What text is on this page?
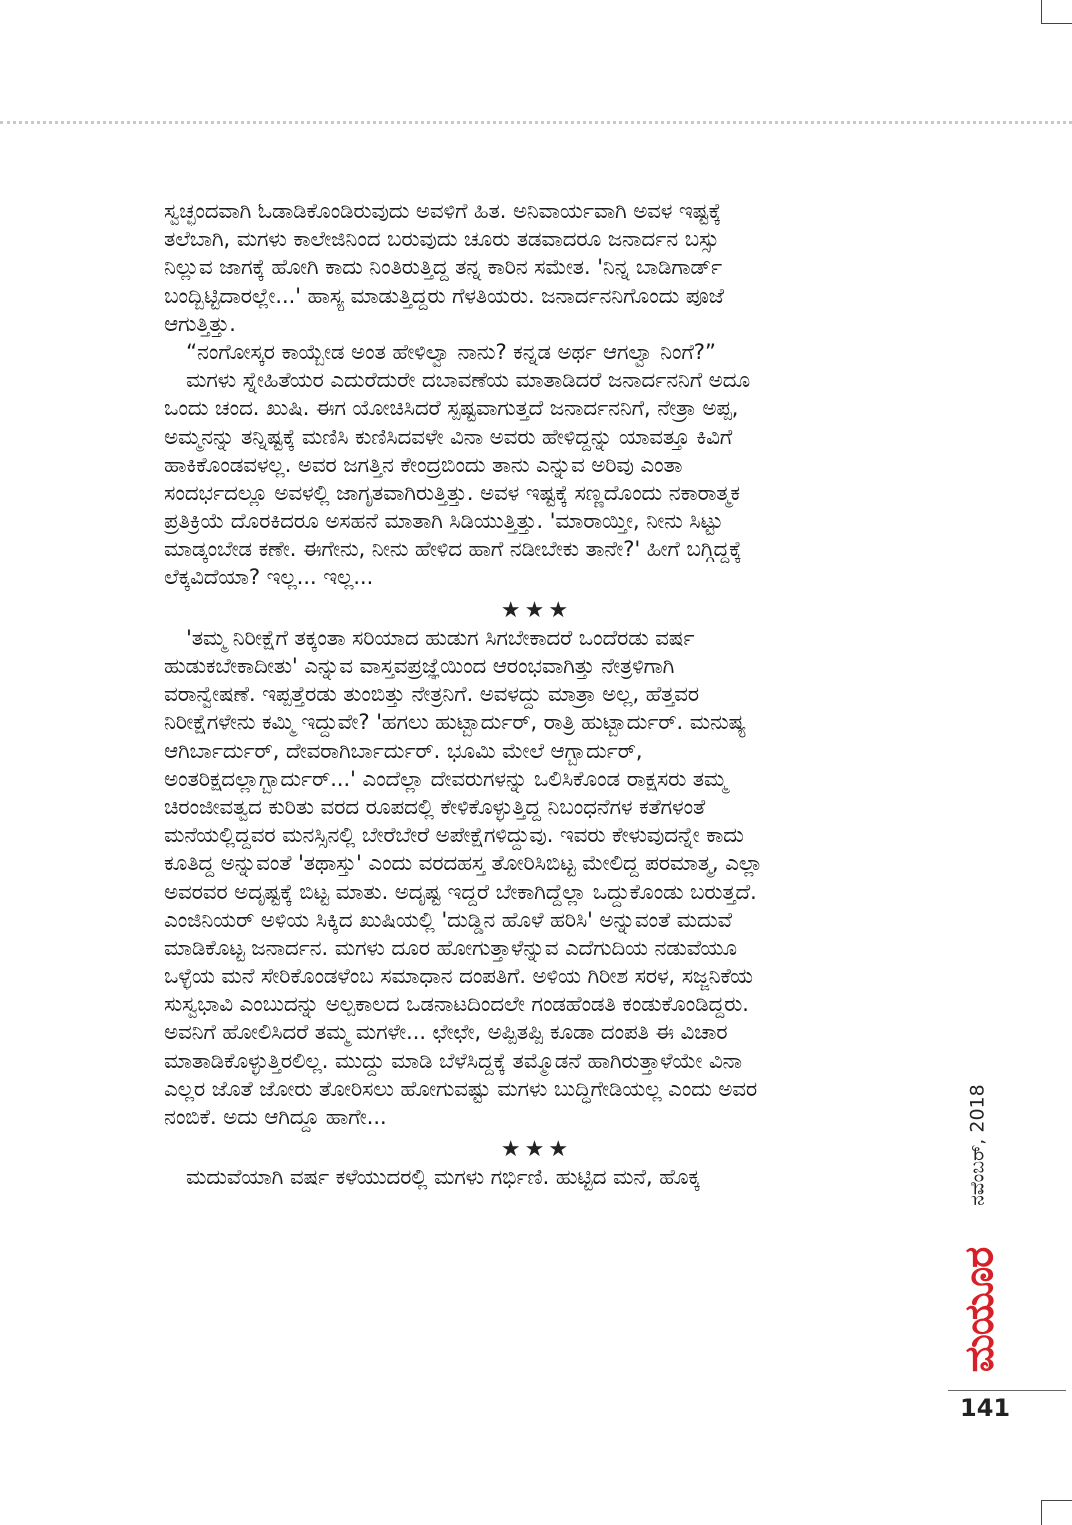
ಸ್ವಚ್ಛಂದವಾಗಿ ಓಡಾಡಿಕೊಂಡಿರುವುದು ಅವಳಿಗೆ ಹಿತ. ಅನಿವಾರ್ಯವಾಗಿ ಅವಳ ಇಷ್ಟಕ್ಕೆ
ತಲೆಬಾಗಿ, ಮಗಳು ಕಾಲೇಜಿನಿಂದ ಬರುವುದು ಚೂರು ತಡವಾದರೂ ಜನಾರ್ದನ ಬಸ್ಸು
ನಿಲ್ಲುವ ಜಾಗಕ್ಕೆ ಹೋಗಿ ಕಾದು ನಿಂತಿರುತ್ತಿದ್ದ ತನ್ನ ಕಾರಿನ ಸಮೇತ. 'ನಿನ್ನ ಬಾಡಿಗಾರ್ಡ್
ಬಂದ್ಬಿಟ್ಟಿದಾರಲ್ಲೇ...' ಹಾಸ್ಯ ಮಾಡುತ್ತಿದ್ದರು ಗೆಳತಿಯರು. ಜನಾರ್ದನನಿಗೊಂದು ಪೂಜೆ
ಆಗುತ್ತಿತ್ತು.
“ನಂಗೋಸ್ಕರ ಕಾಯ್ಬೇಡ ಅಂತ ಹೇಳಿಲ್ವಾ ನಾನು? ಕನ್ನಡ ಅರ್ಥ ಆಗಲ್ವಾ ನಿಂಗೆ?”
ಮಗಳು ಸ್ನೇಹಿತೆಯರ ಎದುರೆದುರೇ ದಬಾವಣೆಯ ಮಾತಾಡಿದರೆ ಜನಾರ್ದನನಿಗೆ ಅದೂ
ಒಂದು ಚಂದ. ಖುಷಿ. ಈಗ ಯೋಚಿಸಿದರೆ ಸ್ಪಷ್ಟವಾಗುತ್ತದೆ ಜನಾರ್ದನನಿಗೆ, ನೇತ್ರಾ ಅಪ್ಪ,
ಅಮ್ಮನನ್ನು ತನ್ನಿಷ್ಟಕ್ಕೆ ಮಣಿಸಿ ಕುಣಿಸಿದವಳೇ ವಿನಾ ಅವರು ಹೇಳಿದ್ದನ್ನು ಯಾವತ್ತೂ ಕಿವಿಗೆ
ಹಾಕಿಕೊಂಡವಳಲ್ಲ. ಅವರ ಜಗತ್ತಿನ ಕೇಂದ್ರಬಿಂದು ತಾನು ಎನ್ನುವ ಅರಿವು ಎಂತಾ
ಸಂದರ್ಭದಲ್ಲೂ ಅವಳಲ್ಲಿ ಜಾಗೃತವಾಗಿರುತ್ತಿತ್ತು. ಅವಳ ಇಷ್ಟಕ್ಕೆ ಸಣ್ಣದೊಂದು ನಕಾರಾತ್ಮಕ
ಪ್ರತಿಕ್ರಿಯೆ ದೊರಕಿದರೂ ಅಸಹನೆ ಮಾತಾಗಿ ಸಿಡಿಯುತ್ತಿತ್ತು. 'ಮಾರಾಯ್ತೀ, ನೀನು ಸಿಟ್ಟು
ಮಾಡ್ಕಂಬೇಡ ಕಣೇ. ಈಗೇನು, ನೀನು ಹೇಳಿದ ಹಾಗೆ ನಡೀಬೇಕು ತಾನೇ?' ಹೀಗೆ ಬಗ್ಗಿದ್ದಕ್ಕೆ
ಲೆಕ್ಕವಿದೆಯಾ? ಇಲ್ಲ... ಇಲ್ಲ...
★★★
'ತಮ್ಮ ನಿರೀಕ್ಷೆಗೆ ತಕ್ಕಂತಾ ಸರಿಯಾದ ಹುಡುಗ ಸಿಗಬೇಕಾದರೆ ಒಂದೆರಡು ವರ್ಷ
ಹುಡುಕಬೇಕಾದೀತು' ಎನ್ನುವ ವಾಸ್ತವಪ್ರಜ್ಞೆಯಿಂದ ಆರಂಭವಾಗಿತ್ತು ನೇತ್ರಳಿಗಾಗಿ
ವರಾನ್ವೇಷಣೆ. ಇಪ್ಪತ್ತೆರಡು ತುಂಬಿತ್ತು ನೇತ್ರನಿಗೆ. ಅವಳದ್ದು ಮಾತ್ರಾ ಅಲ್ಲ, ಹೆತ್ತವರ
ನಿರೀಕ್ಷೆಗಳೇನು ಕಮ್ಮಿ ಇದ್ದುವೇ? 'ಹಗಲು ಹುಟ್ಬಾರ್ದುರ್, ರಾತ್ರಿ ಹುಟ್ಬಾರ್ದುರ್. ಮನುಷ್ಯ
ಆಗಿರ್ಬಾರ್ದುರ್, ದೇವರಾಗಿರ್ಬಾರ್ದುರ್. ಭೂಮಿ ಮೇಲೆ ಆಗ್ಬಾರ್ದುರ್,
ಅಂತರಿಕ್ಷದಲ್ಲಾಗ್ಬಾರ್ದುರ್...' ಎಂದೆಲ್ಲಾ ದೇವರುಗಳನ್ನು ಒಲಿಸಿಕೊಂಡ ರಾಕ್ಷಸರು ತಮ್ಮ
ಚಿರಂಜೀವತ್ವದ ಕುರಿತು ವರದ ರೂಪದಲ್ಲಿ ಕೇಳಿಕೊಳ್ಳುತ್ತಿದ್ದ ನಿಬಂಧನೆಗಳ ಕತೆಗಳಂತೆ
ಮನೆಯಲ್ಲಿದ್ದವರ ಮನಸ್ಸಿನಲ್ಲಿ ಬೇರೆಬೇರೆ ಅಪೇಕ್ಷೆಗಳಿದ್ದುವು. ಇವರು ಕೇಳುವುದನ್ನೇ ಕಾದು
ಕೂತಿದ್ದ ಅನ್ನುವಂತೆ 'ತಥಾಸ್ತು' ಎಂದು ವರದಹಸ್ತ ತೋರಿಸಿಬಿಟ್ಟ ಮೇಲಿದ್ದ ಪರಮಾತ್ಮ, ಎಲ್ಲಾ
ಅವರವರ ಅದೃಷ್ಟಕ್ಕೆ ಬಿಟ್ಟ ಮಾತು. ಅದೃಷ್ಟ ಇದ್ದರೆ ಬೇಕಾಗಿದ್ದೆಲ್ಲಾ ಒದ್ದುಕೊಂಡು ಬರುತ್ತದೆ.
ಎಂಜಿನಿಯರ್ ಅಳಿಯ ಸಿಕ್ಕಿದ ಖುಷಿಯಲ್ಲಿ 'ದುಡ್ಡಿನ ಹೊಳೆ ಹರಿಸಿ' ಅನ್ನುವಂತೆ ಮದುವೆ
ಮಾಡಿಕೊಟ್ಟ ಜನಾರ್ದನ. ಮಗಳು ದೂರ ಹೋಗುತ್ತಾಳೆನ್ನುವ ಎದೆಗುದಿಯ ನಡುವೆಯೂ
ಒಳ್ಳೆಯ ಮನೆ ಸೇರಿಕೊಂಡಳೆಂಬ ಸಮಾಧಾನ ದಂಪತಿಗೆ. ಅಳಿಯ ಗಿರೀಶ ಸರಳ, ಸಜ್ಜನಿಕೆಯ
ಸುಸ್ವಭಾವಿ ಎಂಬುದನ್ನು ಅಲ್ಪಕಾಲದ ಒಡನಾಟದಿಂದಲೇ ಗಂಡಹೆಂಡತಿ ಕಂಡುಕೊಂಡಿದ್ದರು.
ಅವನಿಗೆ ಹೋಲಿಸಿದರೆ ತಮ್ಮ ಮಗಳೇ... ಛೇಛೇ, ಅಪ್ಪಿತಪ್ಪಿ ಕೂಡಾ ದಂಪತಿ ಈ ವಿಚಾರ
ಮಾತಾಡಿಕೊಳ್ಳುತ್ತಿರಲಿಲ್ಲ. ಮುದ್ದು ಮಾಡಿ ಬೆಳೆಸಿದ್ದಕ್ಕೆ ತಮ್ಮೊಡನೆ ಹಾಗಿರುತ್ತಾಳೆಯೇ ವಿನಾ
ಎಲ್ಲರ ಜೊತೆ ಜೋರು ತೋರಿಸಲು ಹೋಗುವಷ್ಟು ಮಗಳು ಬುದ್ಧಿಗೇಡಿಯಲ್ಲ ಎಂದು ಅವರ
ನಂಬಿಕೆ. ಅದು ಆಗಿದ್ದೂ ಹಾಗೇ...
★★★
ಮದುವೆಯಾಗಿ ವರ್ಷ ಕಳೆಯುದರಲ್ಲಿ ಮಗಳು ಗರ್ಭಿಣಿ. ಹುಟ್ಟಿದ ಮನೆ, ಹೊಕ್ಕ	ನವೆಂಬರ್, 2018
ಮಯೂರ
141
